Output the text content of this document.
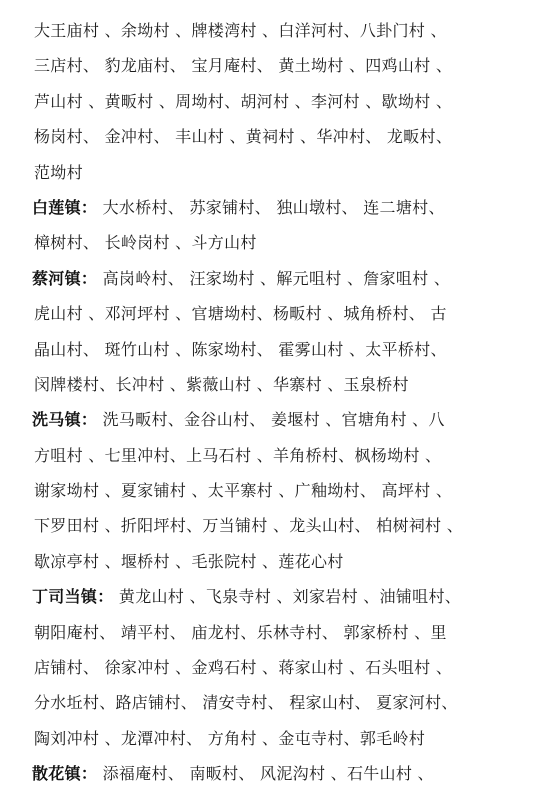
大王庙村 、余坳村 、牌楼湾村 、白洋河村、八卦门村 、
三店村、 豹龙庙村、 宝月庵村、 黄土坳村 、四鸡山村 、
芦山村 、黄畈村 、周坳村、胡河村 、李河村 、歇坳村 、
杨岗村、 金冲村、 丰山村 、黄祠村 、华冲村、 龙畈村、
范坳村
白莲镇： 大水桥村、 苏家铺村、 独山墩村、 连二塘村、
樟树村、 长岭岗村 、斗方山村
蔡河镇： 高岗岭村、 汪家坳村 、解元咀村 、詹家咀村 、
虎山村 、邓河坪村 、官塘坳村、杨畈村 、城角桥村、 古
晶山村、 斑竹山村 、陈家坳村、 霍雾山村 、太平桥村、
闵牌楼村、长冲村 、紫薇山村 、华寨村 、玉泉桥村
洗马镇： 洗马畈村、金谷山村、 姜堰村 、官塘角村 、八
方咀村 、七里冲村、上马石村 、羊角桥村、枫杨坳村 、
谢家坳村 、夏家铺村 、太平寨村 、广釉坳村、 高坪村 、
下罗田村 、折阳坪村、万当铺村 、龙头山村、 柏树祠村 、
歇凉亭村 、堰桥村 、毛张院村 、莲花心村
丁司当镇： 黄龙山村 、飞泉寺村 、刘家岩村 、油铺咀村、
朝阳庵村、 靖平村、 庙龙村、乐林寺村、 郭家桥村 、里
店铺村、 徐家冲村 、金鸡石村 、蒋家山村 、石头咀村 、
分水坵村、路店铺村、 清安寺村、 程家山村、 夏家河村、
陶刘冲村 、龙潭冲村、 方角村 、金屯寺村、郭毛岭村
散花镇： 添福庵村、 南畈村、 风泥沟村 、石牛山村 、
